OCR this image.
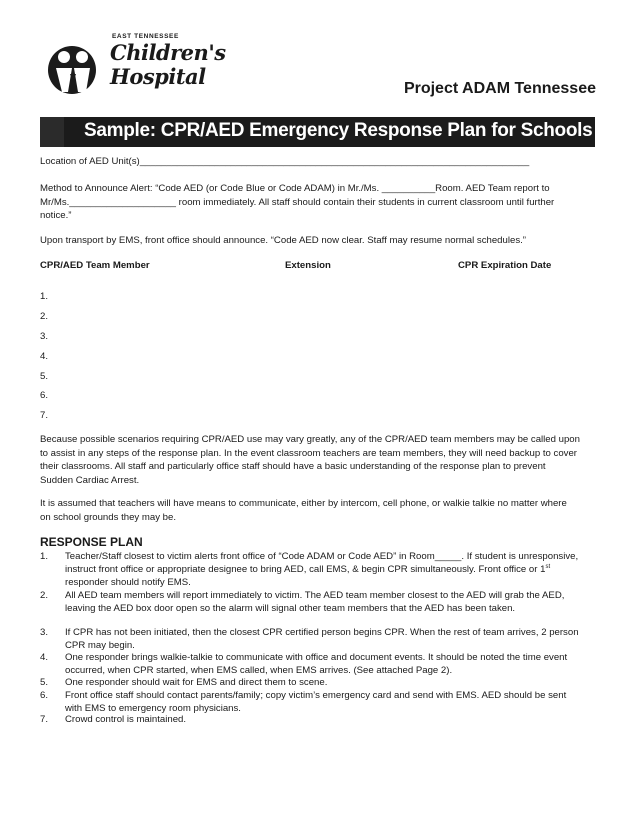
EAST TENNESSEE
Children's
Hospital	Project ADAM Tennessee
Sample: CPR/AED Emergency Response Plan for Schools
Location of AED Unit(s)_________________________________________________________________________
Method to Announce Alert: “Code AED (or Code Blue or Code ADAM) in Mr./Ms. __________Room. AED Team report to Mr/Ms.____________________ room immediately. All staff should contain their students in current classroom until further notice.”
Upon transport by EMS, front office should announce. “Code AED now clear. Staff may resume normal schedules.”
CPR/AED Team Member	Extension	CPR Expiration Date
1.
2.
3.
4.
5.
6.
7.
Because possible scenarios requiring CPR/AED use may vary greatly, any of the CPR/AED team members may be called upon to assist in any steps of the response plan. In the event classroom teachers are team members, they will need backup to cover their classrooms. All staff and particularly office staff should have a basic understanding of the response plan to prevent Sudden Cardiac Arrest.
It is assumed that teachers will have means to communicate, either by intercom, cell phone, or walkie talkie no matter where on school grounds they may be.
RESPONSE PLAN
1. Teacher/Staff closest to victim alerts front office of “Code ADAM or Code AED” in Room_____. If student is unresponsive, instruct front office or appropriate designee to bring AED, call EMS, & begin CPR simultaneously. Front office or 1st responder should notify EMS.
2. All AED team members will report immediately to victim. The AED team member closest to the AED will grab the AED, leaving the AED box door open so the alarm will signal other team members that the AED has been taken.
3. If CPR has not been initiated, then the closest CPR certified person begins CPR. When the rest of team arrives, 2 person CPR may begin.
4. One responder brings walkie-talkie to communicate with office and document events. It should be noted the time event occurred, when CPR started, when EMS called, when EMS arrives. (See attached Page 2).
5. One responder should wait for EMS and direct them to scene.
6. Front office staff should contact parents/family; copy victim’s emergency card and send with EMS. AED should be sent with EMS to emergency room physicians.
7. Crowd control is maintained.
